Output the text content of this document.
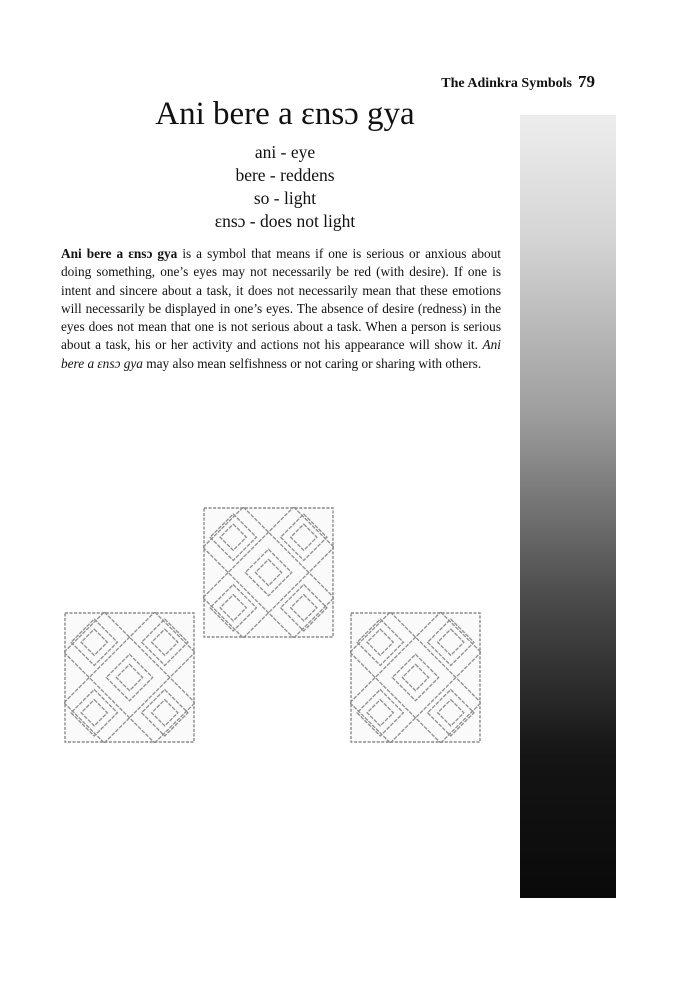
The Adinkra Symbols 79
Ani bere a ɛnsɔ gya
ani - eye
bere - reddens
so - light
ɛnsɔ - does not light

Ani bere a ɛnsɔ gya is a symbol that means if one is serious or anxious about doing something, one’s eyes may not necessarily be red (with desire). If one is intent and sincere about a task, it does not necessarily mean that these emotions will necessarily be displayed in one’s eyes. The absence of desire (redness) in the eyes does not mean that one is not serious about a task. When a person is serious about a task, his or her activity and actions not his appearance will show it. Ani bere a ɛnsɔ gya may also mean selfishness or not caring or sharing with others.
